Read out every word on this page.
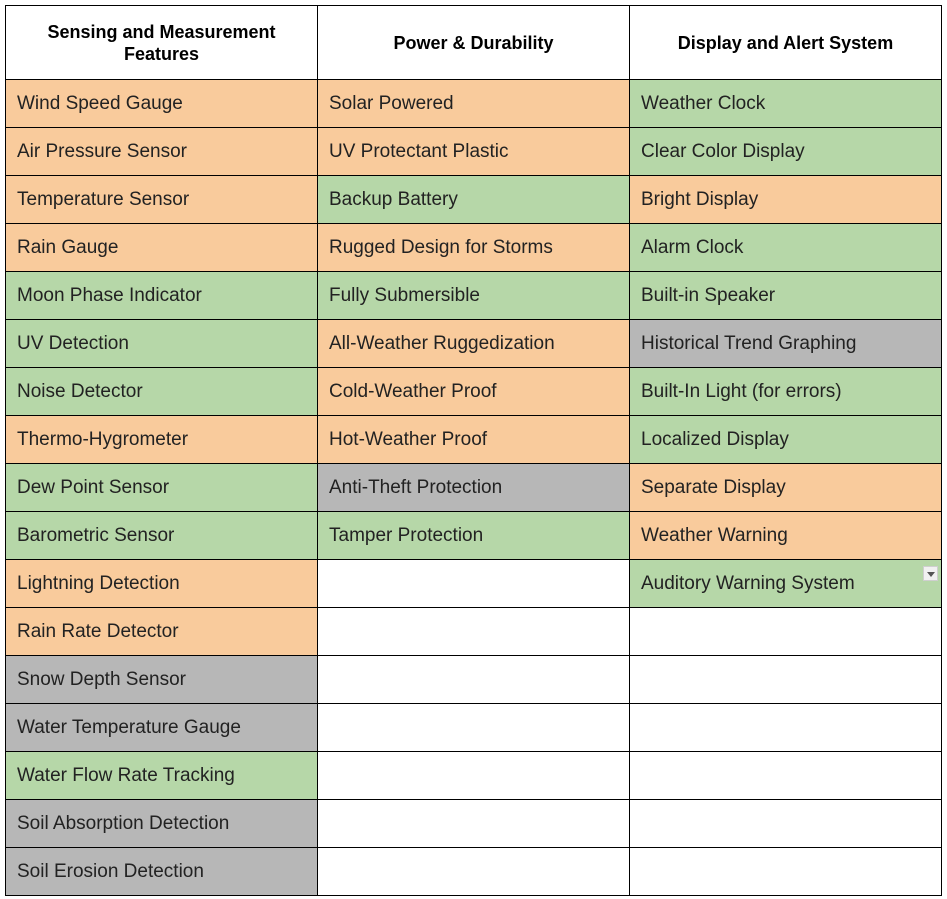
Sensing and Measurement Features	Power & Durability	Display and Alert System

Wind Speed Gauge	Solar Powered	Weather Clock

Air Pressure Sensor	UV Protectant Plastic	Clear Color Display

Temperature Sensor	Backup Battery	Bright Display

Rain Gauge	Rugged Design for Storms	Alarm Clock

Moon Phase Indicator	Fully Submersible	Built-in Speaker

UV Detection	All-Weather Ruggedization	Historical Trend Graphing

Noise Detector	Cold-Weather Proof	Built-In Light (for errors)

Thermo-Hygrometer	Hot-Weather Proof	Localized Display

Dew Point Sensor	Anti-Theft Protection	Separate Display

Barometric Sensor	Tamper Protection	Weather Warning

Lightning Detection		Auditory Warning System

Rain Rate Detector		

Snow Depth Sensor		

Water Temperature Gauge		

Water Flow Rate Tracking		

Soil Absorption Detection		

Soil Erosion Detection		
